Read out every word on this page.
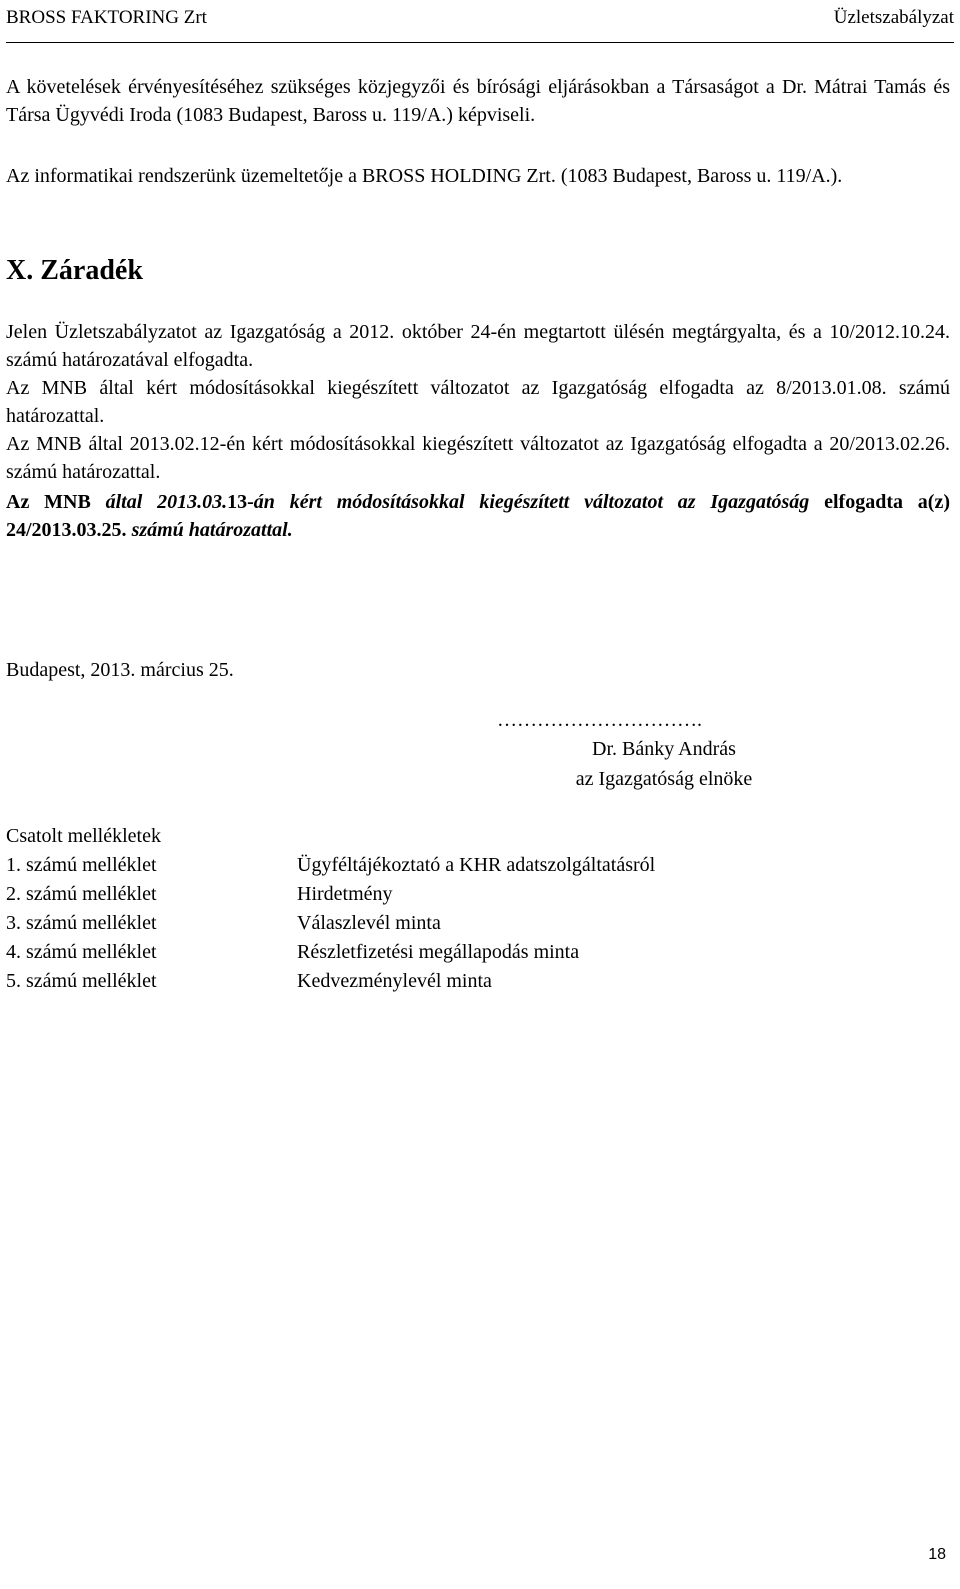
BROSS FAKTORING Zrt	Üzletszabályzat
A követelések érvényesítéséhez szükséges közjegyzői és bírósági eljárásokban a Társaságot a Dr. Mátrai Tamás és Társa Ügyvédi Iroda (1083 Budapest, Baross u. 119/A.) képviseli.
Az informatikai rendszerünk üzemeltetője a BROSS HOLDING Zrt. (1083 Budapest, Baross u. 119/A.).
X. Záradék
Jelen Üzletszabályzatot az Igazgatóság a 2012. október 24-én megtartott ülésén megtárgyalta, és a 10/2012.10.24. számú határozatával elfogadta.
Az MNB által kért módosításokkal kiegészített változatot az Igazgatóság elfogadta az 8/2013.01.08. számú határozattal.
Az MNB által 2013.02.12-én kért módosításokkal kiegészített változatot az Igazgatóság elfogadta a 20/2013.02.26. számú határozattal.
Az MNB által 2013.03.13-án kért módosításokkal kiegészített változatot az Igazgatóság elfogadta a(z) 24/2013.03.25. számú határozattal.
Budapest, 2013. március 25.
………………………….
Dr. Bánky András
az Igazgatóság elnöke
Csatolt mellékletek
1. számú melléklet	Ügyféltájékoztató a KHR adatszolgáltatásról
2. számú melléklet	Hirdetmény
3. számú melléklet	Válaszlevél minta
4. számú melléklet	Részletfizetési megállapodás minta
5. számú melléklet	Kedvezménylevél minta
18
